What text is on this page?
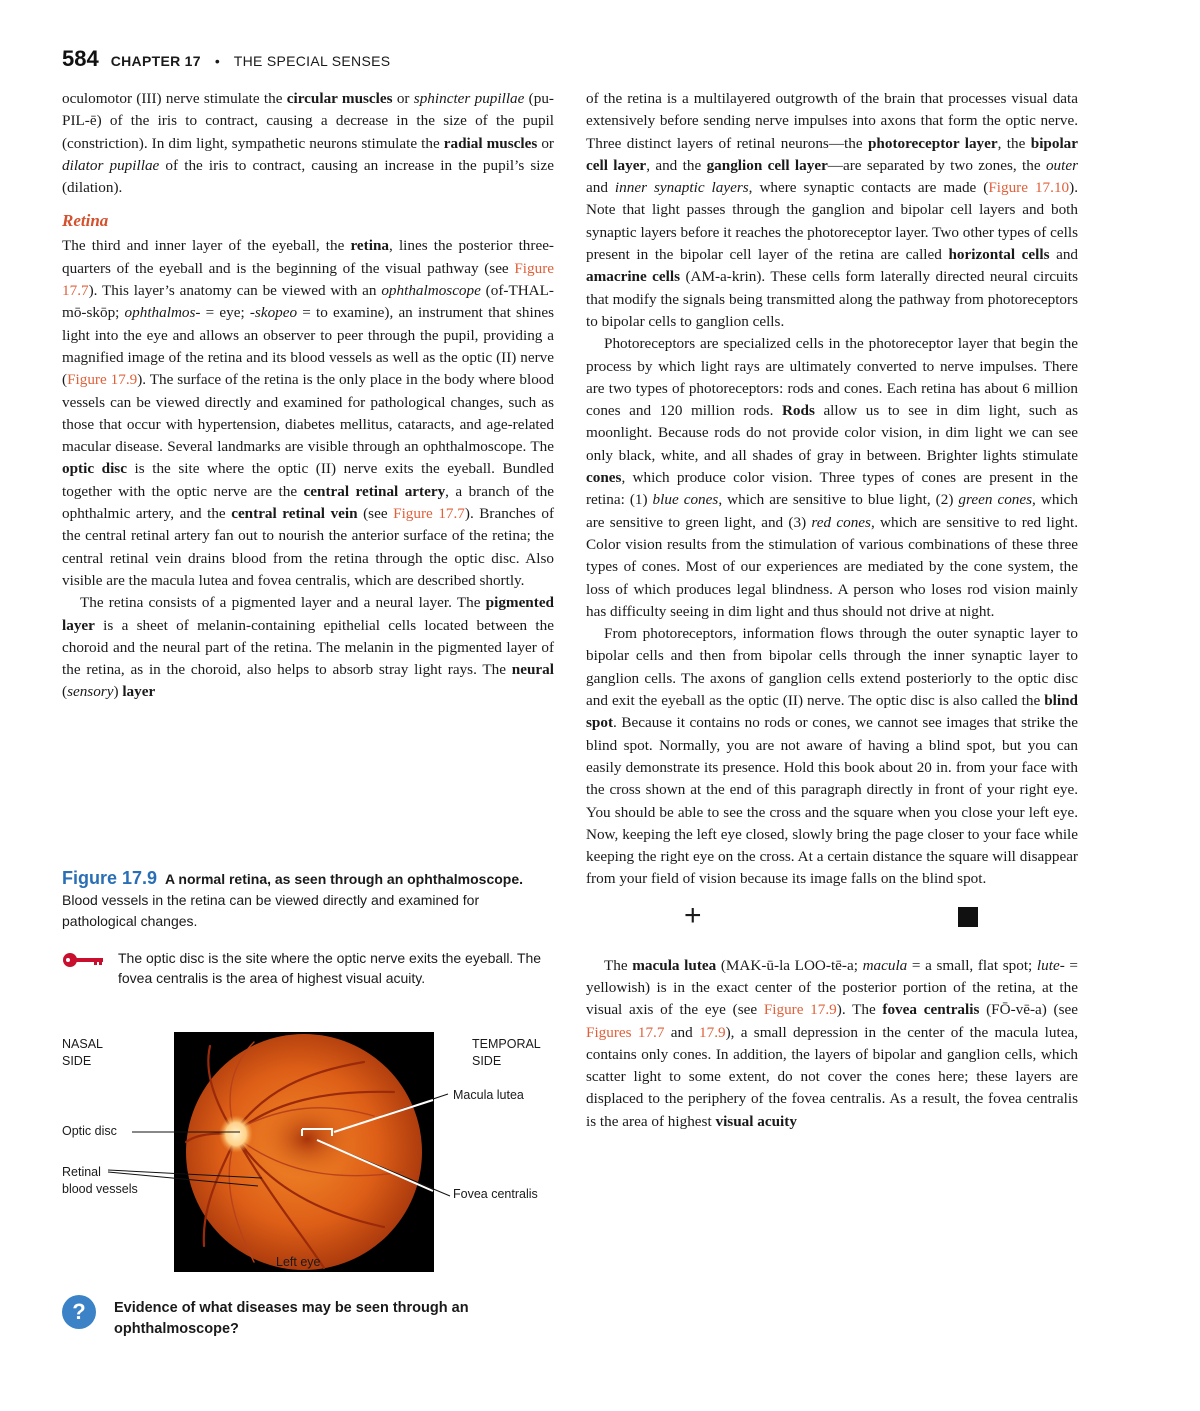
584 CHAPTER 17 • THE SPECIAL SENSES

oculomotor (III) nerve stimulate the circular muscles or sphincter pupillae (pu-PIL-ē) of the iris to contract, causing a decrease in the size of the pupil (constriction). In dim light, sympathetic neurons stimulate the radial muscles or dilator pupillae of the iris to contract, causing an increase in the pupil’s size (dilation).

Retina

The third and inner layer of the eyeball, the retina, lines the posterior three-quarters of the eyeball and is the beginning of the visual pathway (see Figure 17.7). This layer’s anatomy can be viewed with an ophthalmoscope (of-THAL-mō-skōp; ophthalmos- = eye; -skopeo = to examine), an instrument that shines light into the eye and allows an observer to peer through the pupil, providing a magnified image of the retina and its blood vessels as well as the optic (II) nerve (Figure 17.9). The surface of the retina is the only place in the body where blood vessels can be viewed directly and examined for pathological changes, such as those that occur with hypertension, diabetes mellitus, cataracts, and age-related macular disease. Several landmarks are visible through an ophthalmoscope. The optic disc is the site where the optic (II) nerve exits the eyeball. Bundled together with the optic nerve are the central retinal artery, a branch of the ophthalmic artery, and the central retinal vein (see Figure 17.7). Branches of the central retinal artery fan out to nourish the anterior surface of the retina; the central retinal vein drains blood from the retina through the optic disc. Also visible are the macula lutea and fovea centralis, which are described shortly.

The retina consists of a pigmented layer and a neural layer. The pigmented layer is a sheet of melanin-containing epithelial cells located between the choroid and the neural part of the retina. The melanin in the pigmented layer of the retina, as in the choroid, also helps to absorb stray light rays. The neural (sensory) layer

Figure 17.9 A normal retina, as seen through an ophthalmoscope. Blood vessels in the retina can be viewed directly and examined for pathological changes.
The optic disc is the site where the optic nerve exits the eyeball. The fovea centralis is the area of highest visual acuity.
NASAL
SIDE
TEMPORAL
SIDE
Macula lutea
Optic disc
Retinal
blood vessels	Fovea centralis
Left eye
?	Evidence of what diseases may be seen through an ophthalmoscope?

of the retina is a multilayered outgrowth of the brain that processes visual data extensively before sending nerve impulses into axons that form the optic nerve. Three distinct layers of retinal neurons—the photoreceptor layer, the bipolar cell layer, and the ganglion cell layer—are separated by two zones, the outer and inner synaptic layers, where synaptic contacts are made (Figure 17.10). Note that light passes through the ganglion and bipolar cell layers and both synaptic layers before it reaches the photoreceptor layer. Two other types of cells present in the bipolar cell layer of the retina are called horizontal cells and amacrine cells (AM-a-krin). These cells form laterally directed neural circuits that modify the signals being transmitted along the pathway from photoreceptors to bipolar cells to ganglion cells.

Photoreceptors are specialized cells in the photoreceptor layer that begin the process by which light rays are ultimately converted to nerve impulses. There are two types of photoreceptors: rods and cones. Each retina has about 6 million cones and 120 million rods. Rods allow us to see in dim light, such as moonlight. Because rods do not provide color vision, in dim light we can see only black, white, and all shades of gray in between. Brighter lights stimulate cones, which produce color vision. Three types of cones are present in the retina: (1) blue cones, which are sensitive to blue light, (2) green cones, which are sensitive to green light, and (3) red cones, which are sensitive to red light. Color vision results from the stimulation of various combinations of these three types of cones. Most of our experiences are mediated by the cone system, the loss of which produces legal blindness. A person who loses rod vision mainly has difficulty seeing in dim light and thus should not drive at night.

From photoreceptors, information flows through the outer synaptic layer to bipolar cells and then from bipolar cells through the inner synaptic layer to ganglion cells. The axons of ganglion cells extend posteriorly to the optic disc and exit the eyeball as the optic (II) nerve. The optic disc is also called the blind spot. Because it contains no rods or cones, we cannot see images that strike the blind spot. Normally, you are not aware of having a blind spot, but you can easily demonstrate its presence. Hold this book about 20 in. from your face with the cross shown at the end of this paragraph directly in front of your right eye. You should be able to see the cross and the square when you close your left eye. Now, keeping the left eye closed, slowly bring the page closer to your face while keeping the right eye on the cross. At a certain distance the square will disappear from your field of vision because its image falls on the blind spot.

+

The macula lutea (MAK-ū-la LOO-tē-a; macula = a small, flat spot; lute- = yellowish) is in the exact center of the posterior portion of the retina, at the visual axis of the eye (see Figure 17.9). The fovea centralis (FŌ-vē-a) (see Figures 17.7 and 17.9), a small depression in the center of the macula lutea, contains only cones. In addition, the layers of bipolar and ganglion cells, which scatter light to some extent, do not cover the cones here; these layers are displaced to the periphery of the fovea centralis. As a result, the fovea centralis is the area of highest visual acuity
